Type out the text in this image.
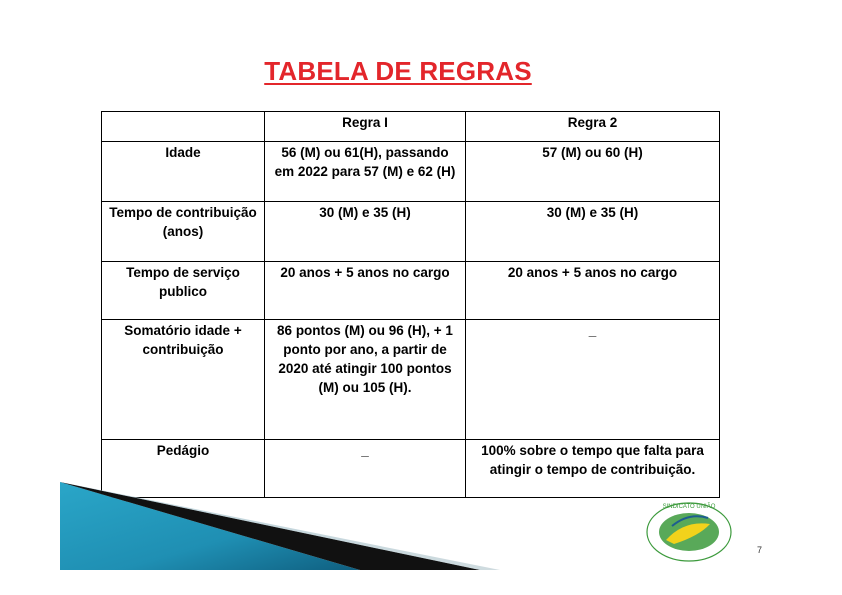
TABELA DE REGRAS
	Regra I	Regra 2
Idade	56 (M) ou 61(H), passando em 2022 para 57 (M) e 62 (H)	57 (M) ou 60 (H)
Tempo de contribuição (anos)	30 (M) e 35 (H)	30 (M) e 35 (H)
Tempo de serviço publico	20 anos + 5 anos no cargo	20 anos + 5 anos no cargo
Somatório idade + contribuição	86 pontos (M) ou 96 (H), + 1 ponto por ano, a partir de 2020 até atingir 100 pontos (M) ou 105 (H).	_
Pedágio	_	100% sobre o tempo que falta para atingir o tempo de contribuição.
SINDICATO UNIÃO
7
